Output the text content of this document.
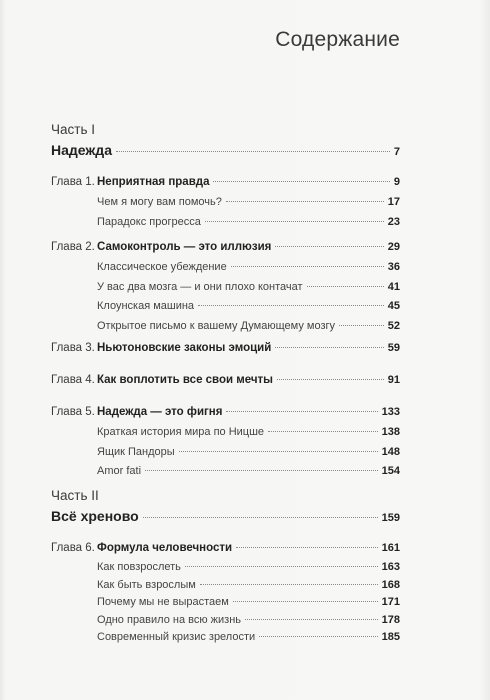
Содержание
Часть I
Надежда	7
Глава 1. Неприятная правда	9
Чем я могу вам помочь?	17
Парадокс прогресса	23
Глава 2. Самоконтроль — это иллюзия	29
Классическое убеждение	36
У вас два мозга — и они плохо контачат	41
Клоунская машина	45
Открытое письмо к вашему Думающему мозгу	52
Глава 3. Ньютоновские законы эмоций	59
Глава 4. Как воплотить все свои мечты	91
Глава 5. Надежда — это фигня	133
Краткая история мира по Ницше	138
Ящик Пандоры	148
Amor fati	154
Часть II
Всё хреново	159
Глава 6. Формула человечности	161
Как повзрослеть	163
Как быть взрослым	168
Почему мы не вырастаем	171
Одно правило на всю жизнь	178
Современный кризис зрелости	185
